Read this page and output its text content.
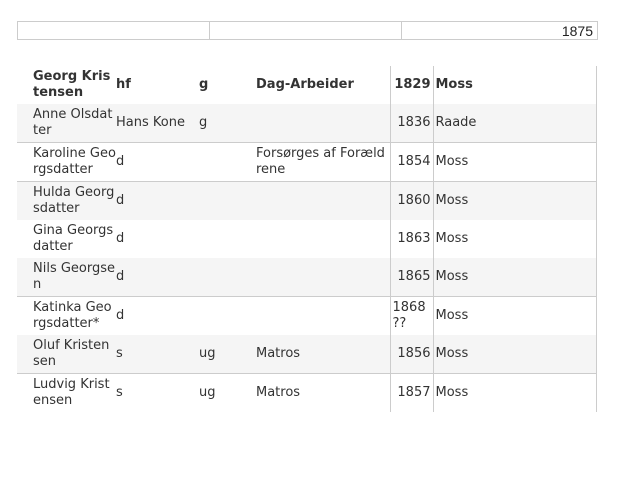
1875
Georg Kristensen	hf	g	Dag-Arbeider	1829	Moss
Anne Olsdatter	Hans Kone	g		1836	Raade
Karoline Georgsdatter	d		Forsørges af Forældrene	1854	Moss
Hulda Georgsdatter	d			1860	Moss
Gina Georgsdatter	d			1863	Moss
Nils Georgsen	d			1865	Moss
Katinka Georgsdatter*	d			1868 ??	Moss
Oluf Kristensen	s	ug	Matros	1856	Moss
Ludvig Kristensen	s	ug	Matros	1857	Moss
